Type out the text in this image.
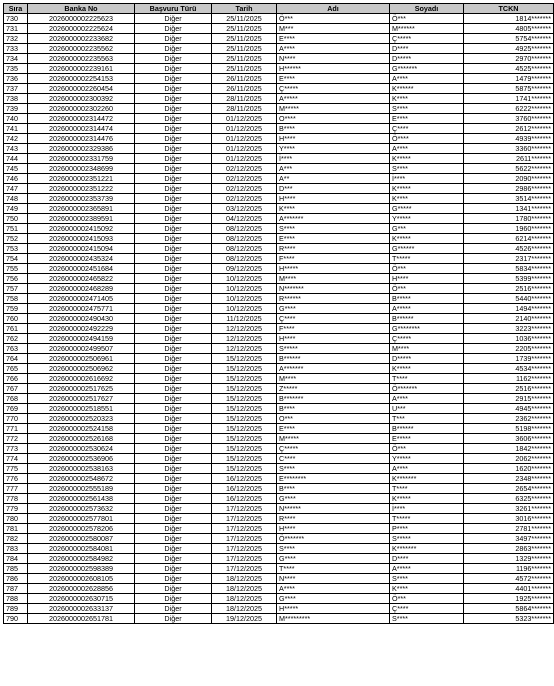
Sıra	Banka No	Başvuru Türü	Tarih	Adı	Soyadı	TCKN
730	2026000002225623	Diğer	25/11/2025	Ö***	Ö***	1814*******
731	2026000002225624	Diğer	25/11/2025	M***	M******	4805*******
732	2026000002233682	Diğer	25/11/2025	E****	Ç*****	5754*******
733	2026000002235562	Diğer	25/11/2025	A****	D****	4925*******
734	2026000002235563	Diğer	25/11/2025	N****	D*****	2970*******
735	2026000002239161	Diğer	25/11/2025	H******	G*******	4525*******
736	2026000002254153	Diğer	26/11/2025	E****	A****	1479*******
737	2026000002260454	Diğer	26/11/2025	Ç*****	K******	5875*******
738	2026000002300392	Diğer	28/11/2025	A*****	K****	1741*******
739	2026000002302260	Diğer	28/11/2025	M*****	S****	6222*******
740	2026000002314472	Diğer	01/12/2025	O****	E****	3760*******
741	2026000002314474	Diğer	01/12/2025	B****	Ç****	2612*******
742	2026000002314476	Diğer	01/12/2025	H****	Ö****	4939*******
743	2026000002329386	Diğer	01/12/2025	Y****	A****	3360*******
744	2026000002331759	Diğer	01/12/2025	İ****	K*****	2611*******
745	2026000002348699	Diğer	02/12/2025	A***	S****	5622*******
746	2026000002351221	Diğer	02/12/2025	A**	İ****	2090*******
747	2026000002351222	Diğer	02/12/2025	D***	K*****	2986*******
748	2026000002353739	Diğer	02/12/2025	H****	K****	3514*******
749	2026000002365891	Diğer	03/12/2025	K****	G*****	1341*******
750	2026000002389591	Diğer	04/12/2025	A*******	Y*****	1780*******
751	2026000002415092	Diğer	08/12/2025	S****	G***	1960*******
752	2026000002415093	Diğer	08/12/2025	E****	K*****	6214*******
753	2026000002415094	Diğer	08/12/2025	R****	G******	4526*******
754	2026000002435324	Diğer	08/12/2025	F****	T*****	2317*******
755	2026000002451684	Diğer	09/12/2025	H*****	Ö***	5834*******
756	2026000002465822	Diğer	10/12/2025	M****	H****	5399*******
757	2026000002468289	Diğer	10/12/2025	N*******	Ö***	2516*******
758	2026000002471405	Diğer	10/12/2025	R******	B*****	5440*******
759	2026000002475771	Diğer	10/12/2025	G****	A*****	1494*******
760	2026000002490430	Diğer	11/12/2025	Ç****	B******	2140*******
761	2026000002492229	Diğer	12/12/2025	F****	G********	3223*******
762	2026000002494159	Diğer	12/12/2025	H****	Ç*****	1036*******
763	2026000002499507	Diğer	12/12/2025	S*****	M****	2205*******
764	2026000002506961	Diğer	15/12/2025	B******	D*****	1739*******
765	2026000002506962	Diğer	15/12/2025	A*******	K*****	4534*******
766	2026000002616692	Diğer	15/12/2025	M****	T****	1162*******
767	2026000002517625	Diğer	15/12/2025	Z*****	Ö*******	2516*******
768	2026000002517627	Diğer	15/12/2025	B*******	A****	2915*******
769	2026000002518551	Diğer	15/12/2025	B****	U***	4945*******
770	2026000002520323	Diğer	15/12/2025	O***	T***	2362*******
771	2026000002524158	Diğer	15/12/2025	E****	B******	5198*******
772	2026000002526168	Diğer	15/12/2025	M*****	E*****	3606*******
773	2026000002530624	Diğer	15/12/2025	Ç*****	Ö***	1842*******
774	2026000002536906	Diğer	15/12/2025	C****	Y*****	2062*******
775	2026000002538163	Diğer	15/12/2025	S****	A****	1620*******
776	2026000002548672	Diğer	16/12/2025	E********	K*******	2348*******
777	2026000002555189	Diğer	16/12/2025	B****	T****	2654*******
778	2026000002561438	Diğer	16/12/2025	G****	K*****	6325*******
779	2026000002573632	Diğer	17/12/2025	N******	İ****	3261*******
780	2026000002577801	Diğer	17/12/2025	R****	T*****	3016*******
781	2026000002578206	Diğer	17/12/2025	H****	P****	2781*******
782	2026000002580087	Diğer	17/12/2025	Ö*******	S*****	3497*******
783	2026000002584081	Diğer	17/12/2025	S****	K*******	2863*******
784	2026000002584982	Diğer	17/12/2025	G****	D****	1329*******
785	2026000002598389	Diğer	17/12/2025	T****	A*****	1196*******
786	2026000002608105	Diğer	18/12/2025	N****	S****	4572*******
787	2026000002628856	Diğer	18/12/2025	A****	K****	4401*******
788	2026000002630715	Diğer	18/12/2025	G****	Ö***	1925*******
789	2026000002633137	Diğer	18/12/2025	H*****	Ç****	5864*******
790	2026000002651781	Diğer	19/12/2025	M*********	S****	5323*******
